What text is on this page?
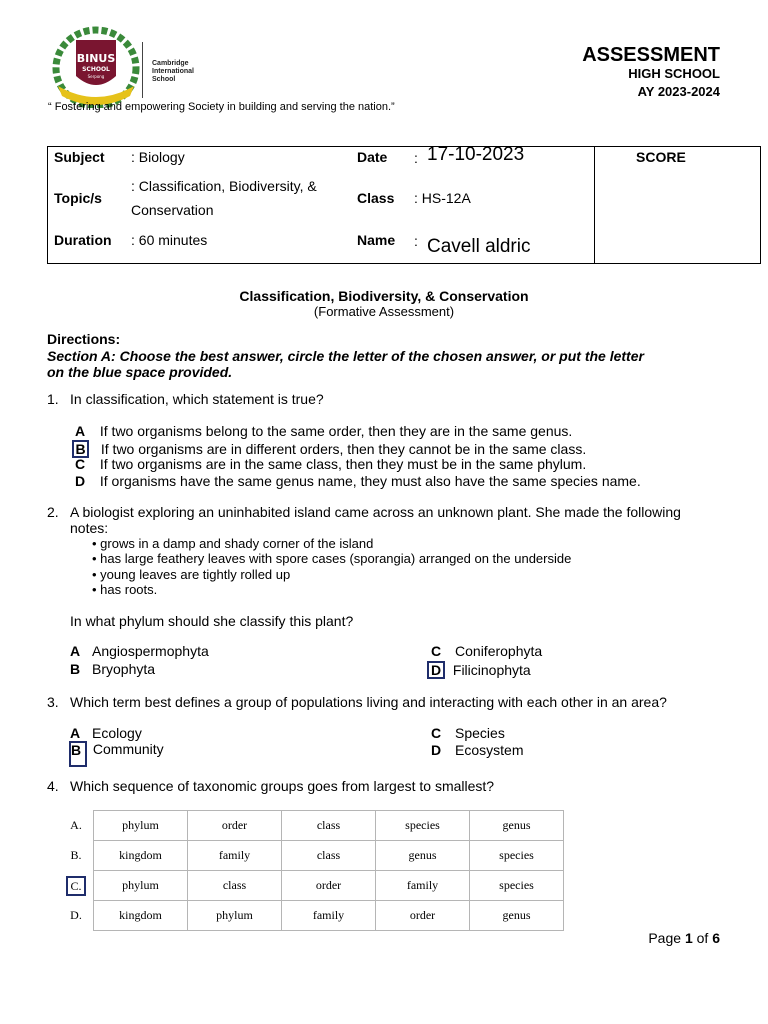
BINUS
SCHOOL
Serpong
Cambridge
International
School
“ Fostering and empowering Society in building and serving the nation.”
ASSESSMENT
HIGH SCHOOL
AY 2023-2024
Subject : Biology
: Classification, Biodiversity, &
Topic/s
Conservation
Duration : 60 minutes
Date : 17-10-2023
Class : HS-12A
Name : Cavell aldric
SCORE
Classification, Biodiversity, & Conservation
(Formative Assessment)
Directions:
Section A: Choose the best answer, circle the letter of the chosen answer, or put the letter
on the blue space provided.
1. In classification, which statement is true?
A If two organisms belong to the same order, then they are in the same genus.
B If two organisms are in different orders, then they cannot be in the same class.
C If two organisms are in the same class, then they must be in the same phylum.
D If organisms have the same genus name, they must also have the same species name.
2. A biologist exploring an uninhabited island came across an unknown plant. She made the following
notes:
• grows in a damp and shady corner of the island
• has large feathery leaves with spore cases (sporangia) arranged on the underside
• young leaves are tightly rolled up
• has roots.
In what phylum should she classify this plant?
A Angiospermophyta
B Bryophyta
C Coniferophyta
D Filicinophyta
3. Which term best defines a group of populations living and interacting with each other in an area?
A Ecology
B Community
C Species
D Ecosystem
4. Which sequence of taxonomic groups goes from largest to smallest?
A.	phylum	order	class	species	genus
B.	kingdom	family	class	genus	species
C.	phylum	class	order	family	species
D.	kingdom	phylum	family	order	genus
Page 1 of 6
